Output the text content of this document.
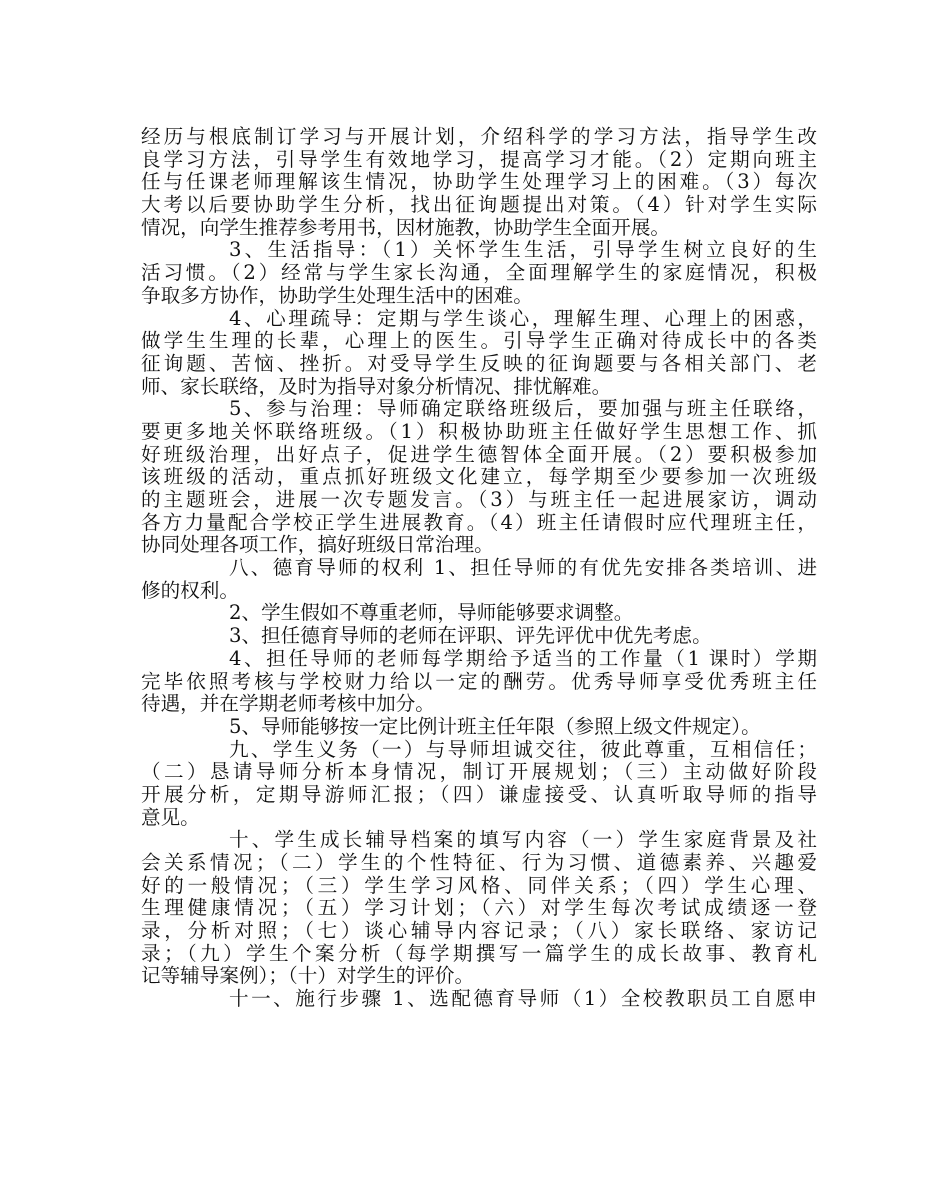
经历与根底制订学习与开展计划，介绍科学的学习方法，指导学生改
良学习方法，引导学生有效地学习，提高学习才能。（2）定期向班主
任与任课老师理解该生情况，协助学生处理学习上的困难。（3）每次
大考以后要协助学生分析，找出征询题提出对策。（4）针对学生实际
情况，向学生推荐参考用书，因材施教，协助学生全面开展。
3、生活指导：（1）关怀学生生活，引导学生树立良好的生
活习惯。（2）经常与学生家长沟通，全面理解学生的家庭情况，积极
争取多方协作，协助学生处理生活中的困难。
4、心理疏导：定期与学生谈心，理解生理、心理上的困惑，
做学生生理的长辈，心理上的医生。引导学生正确对待成长中的各类
征询题、苦恼、挫折。对受导学生反映的征询题要与各相关部门、老
师、家长联络，及时为指导对象分析情况、排忧解难。
5、参与治理：导师确定联络班级后，要加强与班主任联络，
要更多地关怀联络班级。（1）积极协助班主任做好学生思想工作、抓
好班级治理，出好点子，促进学生德智体全面开展。（2）要积极参加
该班级的活动，重点抓好班级文化建立，每学期至少要参加一次班级
的主题班会，进展一次专题发言。（3）与班主任一起进展家访，调动
各方力量配合学校正学生进展教育。（4）班主任请假时应代理班主任，
协同处理各项工作，搞好班级日常治理。
八、德育导师的权利 1、担任导师的有优先安排各类培训、进
修的权利。
2、学生假如不尊重老师，导师能够要求调整。
3、担任德育导师的老师在评职、评先评优中优先考虑。
4、担任导师的老师每学期给予适当的工作量（1 课时）学期
完毕依照考核与学校财力给以一定的酬劳。优秀导师享受优秀班主任
待遇，并在学期老师考核中加分。
5、导师能够按一定比例计班主任年限（参照上级文件规定）。
九、学生义务（一）与导师坦诚交往，彼此尊重，互相信任；
（二）恳请导师分析本身情况，制订开展规划；（三）主动做好阶段
开展分析，定期导游师汇报；（四）谦虚接受、认真听取导师的指导
意见。
十、学生成长辅导档案的填写内容（一）学生家庭背景及社
会关系情况；（二）学生的个性特征、行为习惯、道德素养、兴趣爱
好的一般情况；（三）学生学习风格、同伴关系；（四）学生心理、
生理健康情况；（五）学习计划；（六）对学生每次考试成绩逐一登
录，分析对照；（七）谈心辅导内容记录；（八）家长联络、家访记
录；（九）学生个案分析（每学期撰写一篇学生的成长故事、教育札
记等辅导案例）；（十）对学生的评价。
十一、施行步骤 1、选配德育导师（1）全校教职员工自愿申
